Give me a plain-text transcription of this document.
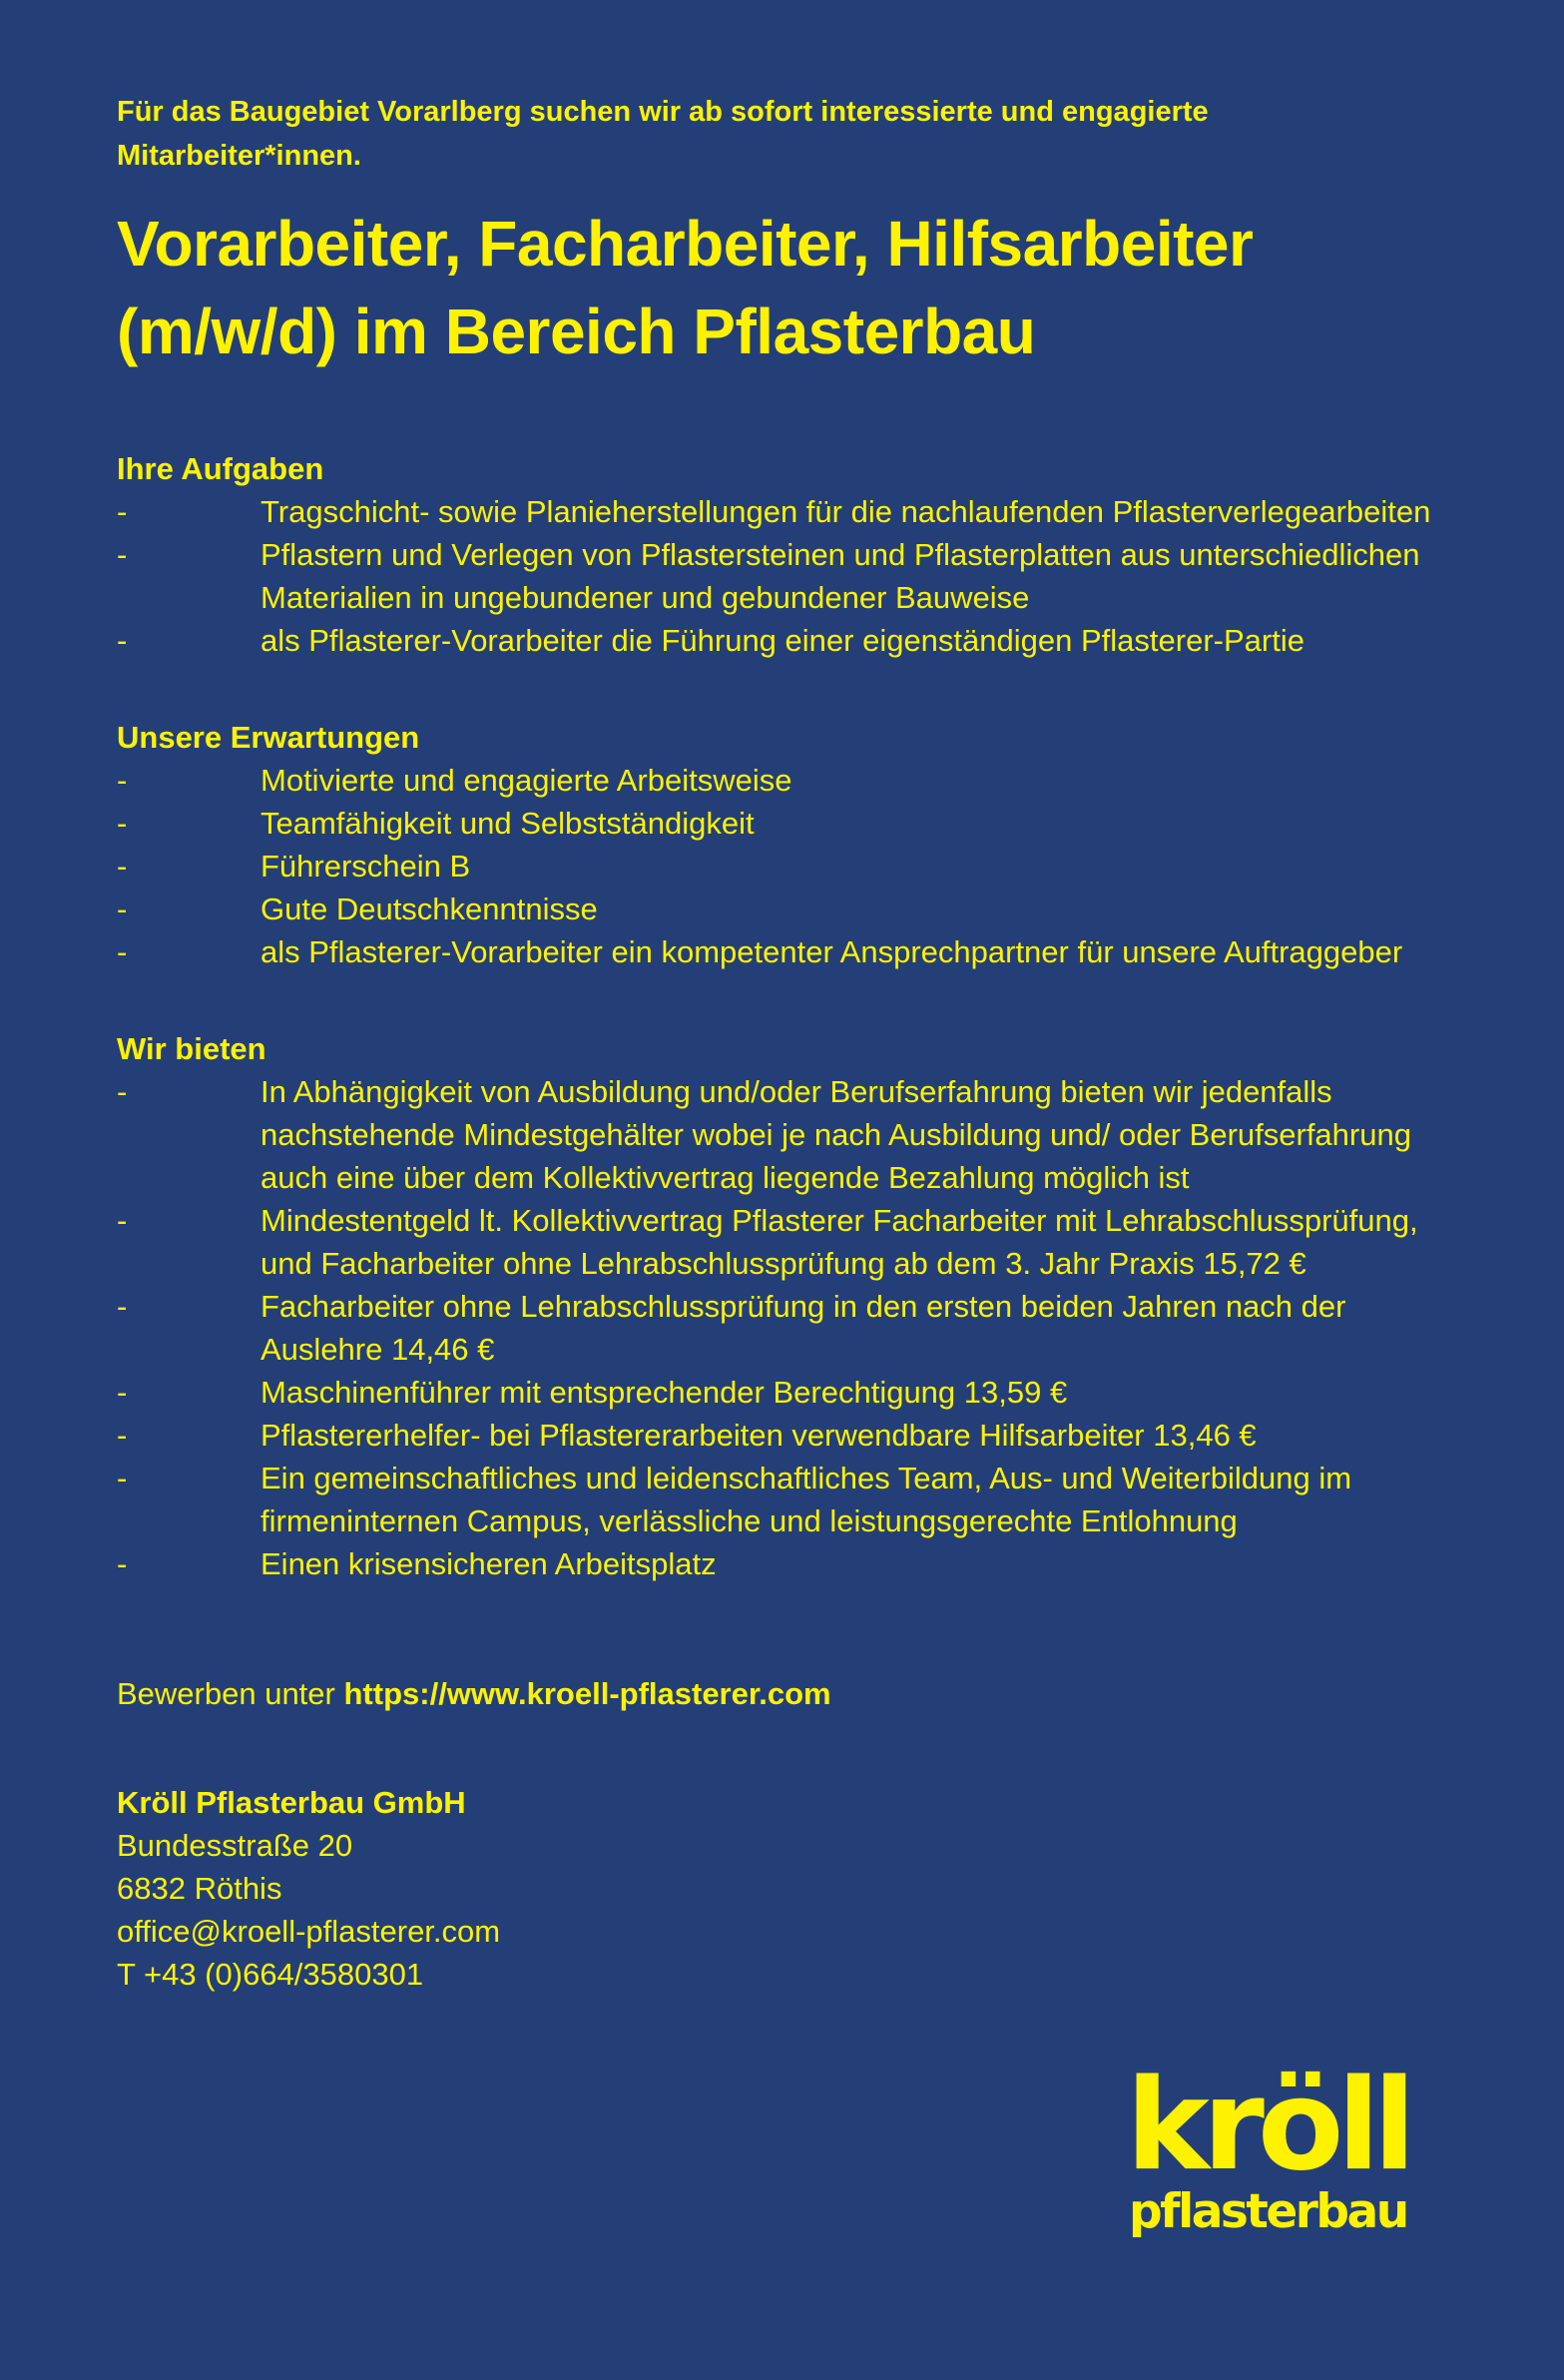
Für das Baugebiet Vorarlberg suchen wir ab sofort interessierte und engagierte Mitarbeiter*innen.

Vorarbeiter, Facharbeiter, Hilfsarbeiter
(m/w/d) im Bereich Pflasterbau

Ihre Aufgaben

-	Tragschicht- sowie Planieherstellungen für die nachlaufenden Pflasterverlegearbeiten
-	Pflastern und Verlegen von Pflastersteinen und Pflasterplatten aus unterschiedlichen Materialien in ungebundener und gebundener Bauweise
-	als Pflasterer-Vorarbeiter die Führung einer eigenständigen Pflasterer-Partie

Unsere Erwartungen

-	Motivierte und engagierte Arbeitsweise
-	Teamfähigkeit und Selbstständigkeit
-	Führerschein B
-	Gute Deutschkenntnisse
-	als Pflasterer-Vorarbeiter ein kompetenter Ansprechpartner für unsere Auftraggeber

Wir bieten

-	In Abhängigkeit von Ausbildung und/oder Berufserfahrung bieten wir jedenfalls nachstehende Mindestgehälter wobei je nach Ausbildung und/ oder Berufserfahrung auch eine über dem Kollektivvertrag liegende Bezahlung möglich ist
-	Mindestentgeld lt. Kollektivvertrag Pflasterer Facharbeiter mit Lehrabschlussprüfung, und Facharbeiter ohne Lehrabschlussprüfung ab dem 3. Jahr Praxis 15,72 €
-	Facharbeiter ohne Lehrabschlussprüfung in den ersten beiden Jahren nach der Auslehre 14,46 €
-	Maschinenführer mit entsprechender Berechtigung 13,59 €
-	Pflastererhelfer- bei Pflastererarbeiten verwendbare Hilfsarbeiter 13,46 €
-	Ein gemeinschaftliches und leidenschaftliches Team, Aus- und Weiterbildung im firmeninternen Campus, verlässliche und leistungsgerechte Entlohnung
-	Einen krisensicheren Arbeitsplatz
Bewerben unter https://www.kroell-pflasterer.com
Kröll Pflasterbau GmbH
Bundesstraße 20
6832 Röthis
office@kroell-pflasterer.com
T +43 (0)664/3580301
kröll
pflasterbau
